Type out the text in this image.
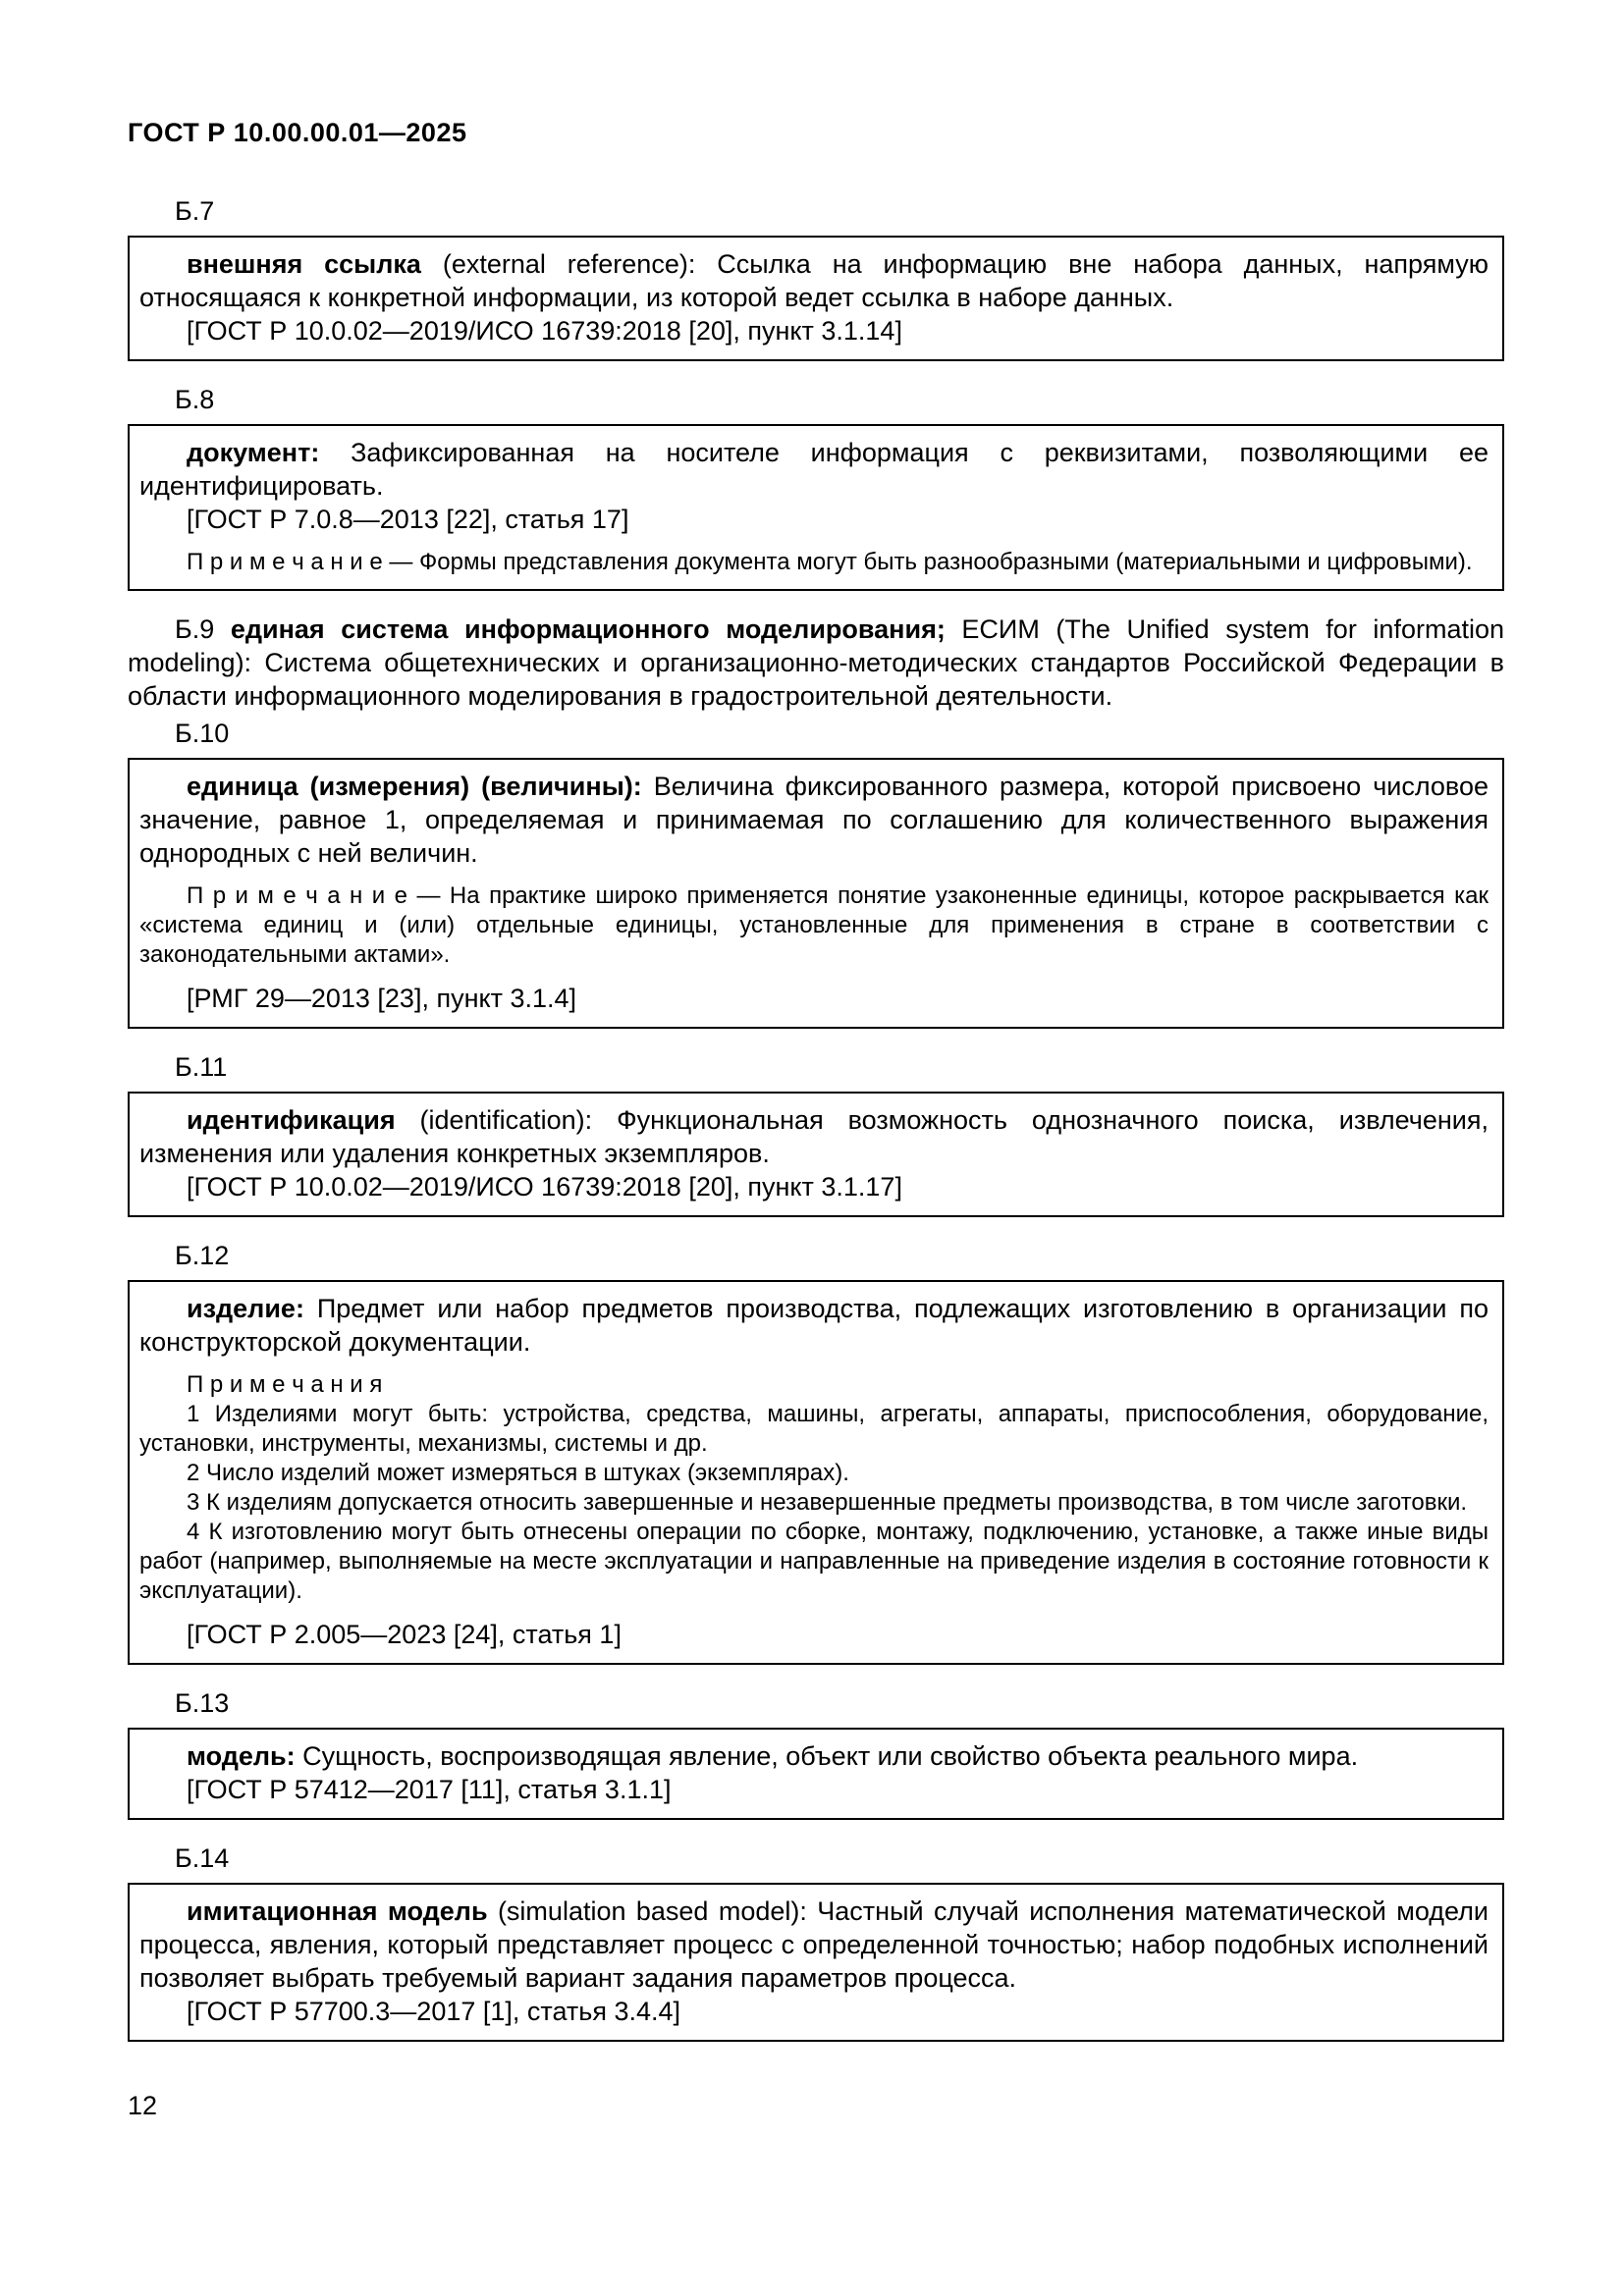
ГОСТ Р 10.00.00.01—2025
Б.7

внешняя ссылка (external reference): Ссылка на информацию вне набора данных, напрямую относящаяся к конкретной информации, из которой ведет ссылка в наборе данных.

[ГОСТ Р 10.0.02—2019/ИСО 16739:2018 [20], пункт 3.1.14]

Б.8

документ: Зафиксированная на носителе информация с реквизитами, позволяющими ее идентифицировать.

[ГОСТ Р 7.0.8—2013 [22], статья 17]

П р и м е ч а н и е — Формы представления документа могут быть разнообразными (материальными и цифровыми).

Б.9 единая система информационного моделирования; ЕСИМ (The Unified system for information modeling): Система общетехнических и организационно-методических стандартов Российской Федерации в области информационного моделирования в градостроительной деятельности.

Б.10

единица (измерения) (величины): Величина фиксированного размера, которой присвоено числовое значение, равное 1, определяемая и принимаемая по соглашению для количественного выражения однородных с ней величин.

П р и м е ч а н и е — На практике широко применяется понятие узаконенные единицы, которое раскрывается как «система единиц и (или) отдельные единицы, установленные для применения в стране в соответствии с законодательными актами».

[РМГ 29—2013 [23], пункт 3.1.4]

Б.11

идентификация (identification): Функциональная возможность однозначного поиска, извлечения, изменения или удаления конкретных экземпляров.

[ГОСТ Р 10.0.02—2019/ИСО 16739:2018 [20], пункт 3.1.17]

Б.12

изделие: Предмет или набор предметов производства, подлежащих изготовлению в организации по конструкторской документации.

П р и м е ч а н и я

1 Изделиями могут быть: устройства, средства, машины, агрегаты, аппараты, приспособления, оборудование, установки, инструменты, механизмы, системы и др.

2 Число изделий может измеряться в штуках (экземплярах).

3 К изделиям допускается относить завершенные и незавершенные предметы производства, в том числе заготовки.

4 К изготовлению могут быть отнесены операции по сборке, монтажу, подключению, установке, а также иные виды работ (например, выполняемые на месте эксплуатации и направленные на приведение изделия в состояние готовности к эксплуатации).

[ГОСТ Р 2.005—2023 [24], статья 1]

Б.13

модель: Сущность, воспроизводящая явление, объект или свойство объекта реального мира.

[ГОСТ Р 57412—2017 [11], статья 3.1.1]

Б.14

имитационная модель (simulation based model): Частный случай исполнения математической модели процесса, явления, который представляет процесс с определенной точностью; набор подобных исполнений позволяет выбрать требуемый вариант задания параметров процесса.

[ГОСТ Р 57700.3—2017 [1], статья 3.4.4]

12
